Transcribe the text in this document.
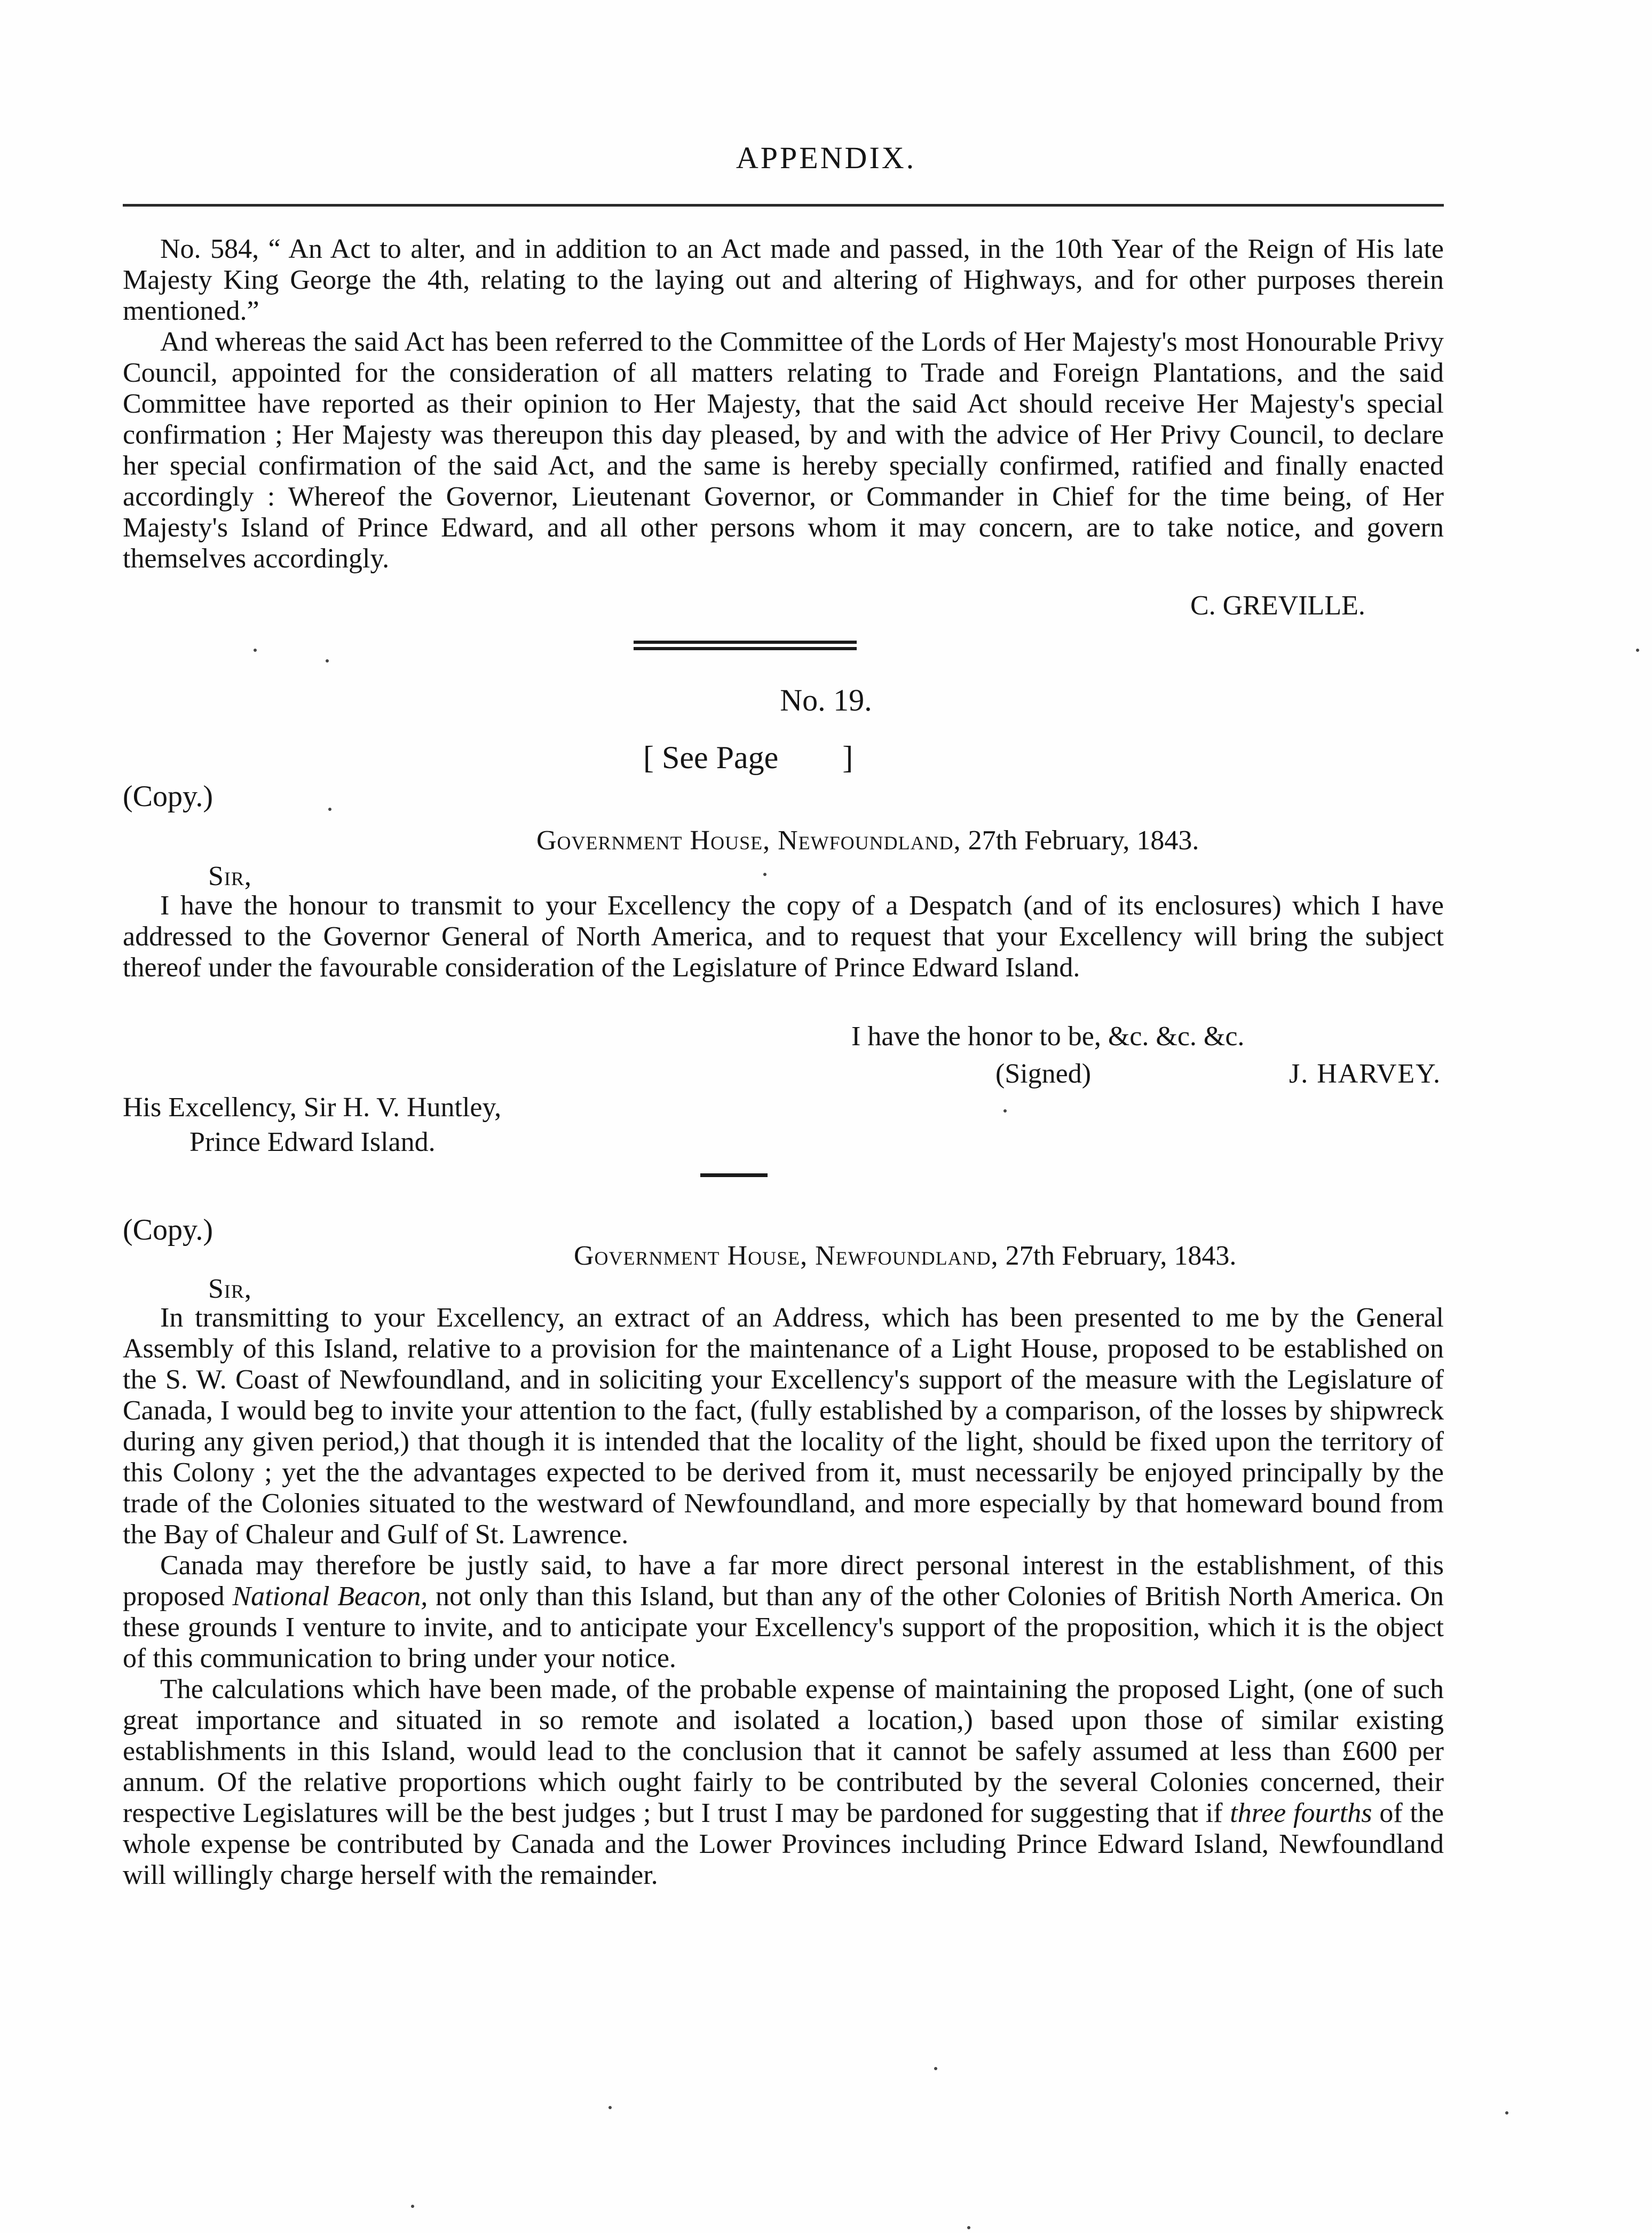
APPENDIX.

No. 584, “ An Act to alter, and in addition to an Act made and passed, in the 10th Year of the Reign of His late Majesty King George the 4th, relating to the laying out and altering of Highways, and for other purposes therein mentioned.”

And whereas the said Act has been referred to the Committee of the Lords of Her Majesty's most Honourable Privy Council, appointed for the consideration of all matters relating to Trade and Foreign Plantations, and the said Committee have reported as their opinion to Her Majesty, that the said Act should receive Her Majesty's special confirmation ; Her Majesty was thereupon this day pleased, by and with the advice of Her Privy Council, to declare her special confirmation of the said Act, and the same is hereby specially confirmed, ratified and finally enacted accordingly : Whereof the Governor, Lieutenant Governor, or Commander in Chief for the time being, of Her Majesty's Island of Prince Edward, and all other persons whom it may concern, are to take notice, and govern themselves accordingly.

C. GREVILLE.
No. 19.
[ See Page        ]
(Copy.)
Government House, Newfoundland, 27th February, 1843.
Sir,

I have the honour to transmit to your Excellency the copy of a Despatch (and of its enclosures) which I have addressed to the Governor General of North America, and to request that your Excellency will bring the subject thereof under the favourable consideration of the Legislature of Prince Edward Island.

I have the honor to be, &c. &c. &c.
(Signed)	J. HARVEY.
His Excellency, Sir H. V. Huntley,
Prince Edward Island.
(Copy.)
Government House, Newfoundland, 27th February, 1843.
Sir,

In transmitting to your Excellency, an extract of an Address, which has been presented to me by the General Assembly of this Island, relative to a provision for the maintenance of a Light House, proposed to be established on the S. W. Coast of Newfoundland, and in soliciting your Excellency's support of the measure with the Legislature of Canada, I would beg to invite your attention to the fact, (fully established by a comparison, of the losses by shipwreck during any given period,) that though it is intended that the locality of the light, should be fixed upon the territory of this Colony ; yet the the advantages expected to be derived from it, must necessarily be enjoyed principally by the trade of the Colonies situated to the westward of Newfoundland, and more especially by that homeward bound from the Bay of Chaleur and Gulf of St. Lawrence.

Canada may therefore be justly said, to have a far more direct personal interest in the establishment, of this proposed National Beacon, not only than this Island, but than any of the other Colonies of British North America. On these grounds I venture to invite, and to anticipate your Excellency's support of the proposition, which it is the object of this communication to bring under your notice.

The calculations which have been made, of the probable expense of maintaining the proposed Light, (one of such great importance and situated in so remote and isolated a location,) based upon those of similar existing establishments in this Island, would lead to the conclusion that it cannot be safely assumed at less than £600 per annum. Of the relative proportions which ought fairly to be contributed by the several Colonies concerned, their respective Legislatures will be the best judges ; but I trust I may be pardoned for suggesting that if three fourths of the whole expense be contributed by Canada and the Lower Provinces including Prince Edward Island, Newfoundland will willingly charge herself with the remainder.
